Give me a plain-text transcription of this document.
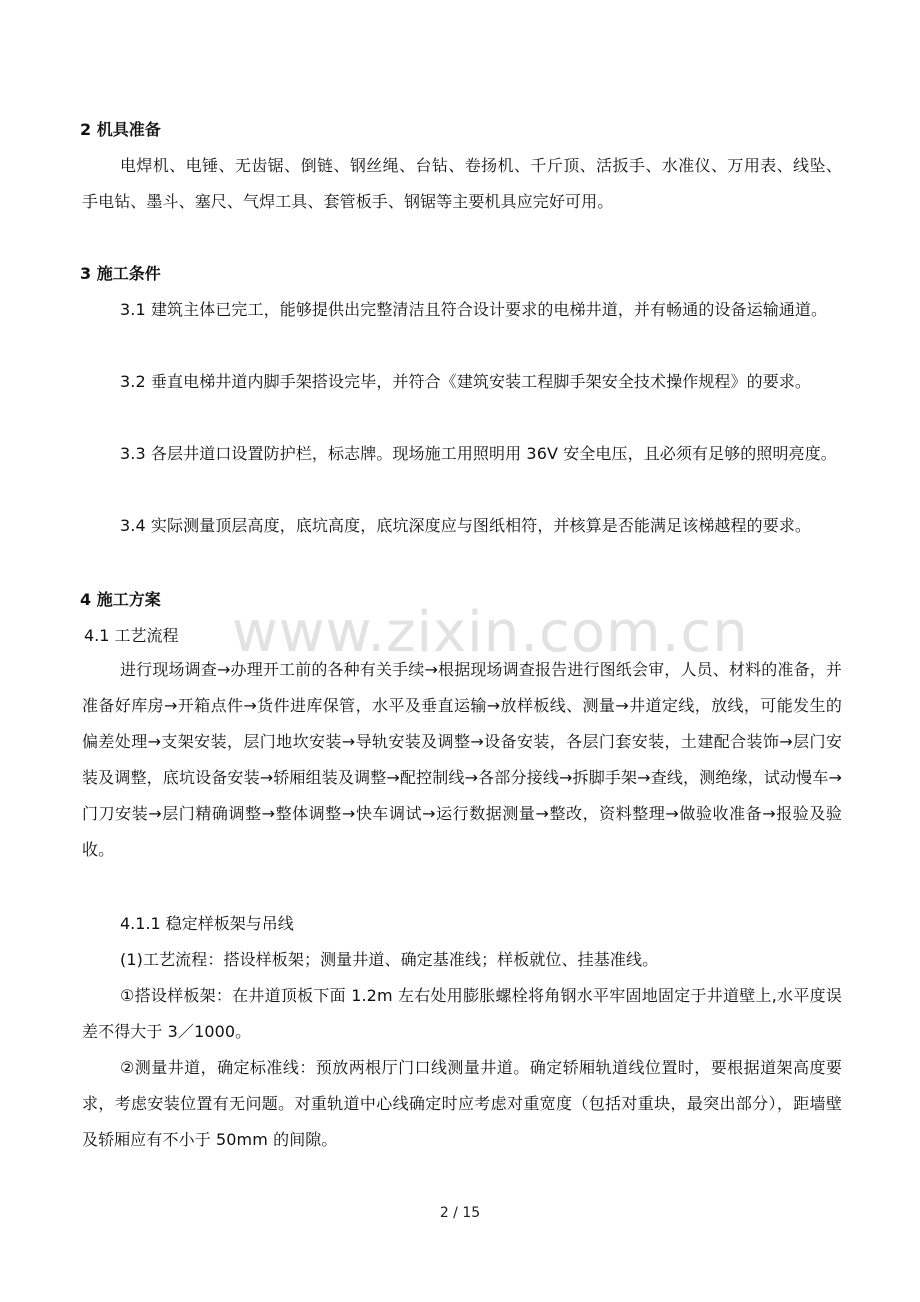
2 机具准备
电焊机、电锤、无齿锯、倒链、钢丝绳、台钻、卷扬机、千斤顶、活扳手、水准仪、万用表、线坠、手电钻、墨斗、塞尺、气焊工具、套管板手、钢锯等主要机具应完好可用。
3 施工条件
3.1 建筑主体已完工，能够提供出完整清洁且符合设计要求的电梯井道，并有畅通的设备运输通道。
3.2 垂直电梯井道内脚手架搭设完毕，并符合《建筑安装工程脚手架安全技术操作规程》的要求。
3.3 各层井道口设置防护栏，标志牌。现场施工用照明用 36V 安全电压，且必须有足够的照明亮度。
3.4 实际测量顶层高度，底坑高度，底坑深度应与图纸相符，并核算是否能满足该梯越程的要求。
4 施工方案
4.1 工艺流程
进行现场调查→办理开工前的各种有关手续→根据现场调查报告进行图纸会审，人员、材料的准备，并准备好库房→开箱点件→货件进库保管，水平及垂直运输→放样板线、测量→井道定线，放线，可能发生的偏差处理→支架安装，层门地坎安装→导轨安装及调整→设备安装，各层门套安装，土建配合装饰→层门安装及调整，底坑设备安装→轿厢组装及调整→配控制线→各部分接线→拆脚手架→查线，测绝缘，试动慢车→门刀安装→层门精确调整→整体调整→快车调试→运行数据测量→整改，资料整理→做验收准备→报验及验收。
4.1.1 稳定样板架与吊线
(1)工艺流程：搭设样板架；测量井道、确定基准线；样板就位、挂基准线。
①搭设样板架：在井道顶板下面 1.2m 左右处用膨胀螺栓将角钢水平牢固地固定于井道壁上,水平度误差不得大于 3／1000。
②测量井道，确定标准线：预放两根厅门口线测量井道。确定轿厢轨道线位置时，要根据道架高度要求，考虑安装位置有无问题。对重轨道中心线确定时应考虑对重宽度（包括对重块，最突出部分），距墙壁及轿厢应有不小于 50mm 的间隙。
www.zixin.com.cn
2 / 15
